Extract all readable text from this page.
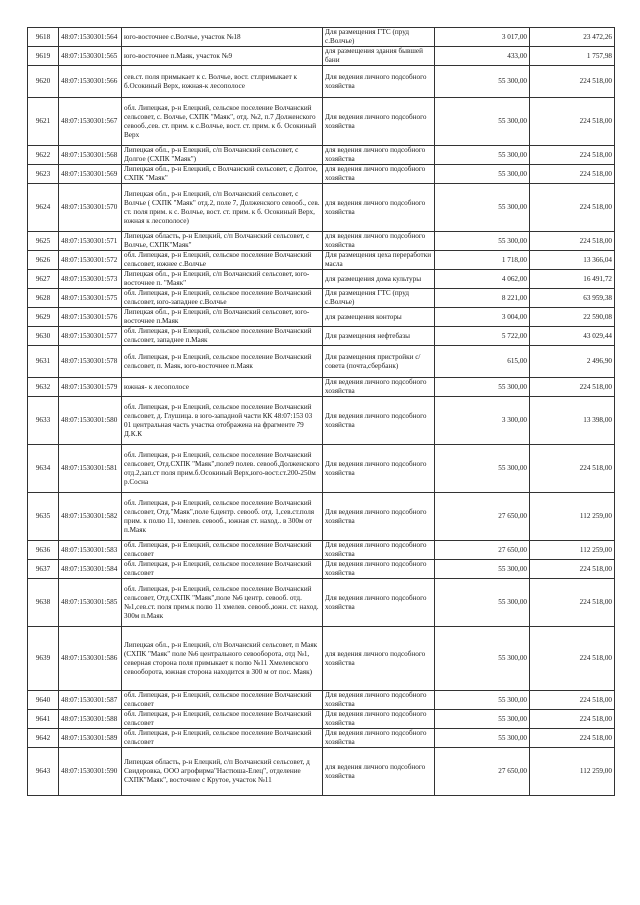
9618	48:07:1530301:564	юго-восточнее с.Волчье, участок №18	Для размещения ГТС (пруд с.Волчье)	3 017,00	23 472,26
9619	48:07:1530301:565	юго-восточнее п.Маяк, участок №9	для размещения здания бывшей бани	433,00	1 757,98
9620	48:07:1530301:566	сев.ст. поля примыкает к с. Волчье, вост. ст.примыкает к б.Осокиный Верх, южная-к лесополосе	Для ведения личного подсобного хозяйства	55 300,00	224 518,00
9621	48:07:1530301:567	обл. Липецкая, р-н Елецкий, сельское поселение Волчанский сельсовет, с. Волчье, СХПК "Маяк", отд. №2, п.7 Долженского севооб.,сев. ст. прим. к с.Волчье, вост. ст. прим. к б. Осокиный Верх	Для ведения личного подсобного хозяйства	55 300,00	224 518,00
9622	48:07:1530301:568	Липецкая обл., р-н Елецкий, с/п Волчанский сельсовет, с Долгое (СХПК "Маяк")	для ведения личного подсобного хозяйства	55 300,00	224 518,00
9623	48:07:1530301:569	Липецкая обл., р-н Елецкий, с Волчанский сельсовет, с Долгое, СХПК "Маяк"	для ведения личного подсобного хозяйства	55 300,00	224 518,00
9624	48:07:1530301:570	Липецкая обл., р-н Елецкий, с/п Волчанский сельсовет, с Волчье ( СХПК "Маяк" отд.2, поле 7, Долженского севооб., сев. ст. поля прим. к с. Волчье, вост. ст. прим. к б. Осокиный Верх, южная к лесополосе)	для ведения личного подсобного хозяйства	55 300,00	224 518,00
9625	48:07:1530301:571	Липецкая область, р-н Елецкий, с/п Волчанский сельсовет, с Волчье, СХПК"Маяк"	для ведения личного подсобного хозяйства	55 300,00	224 518,00
9626	48:07:1530301:572	обл. Липецкая, р-н Елецкий, сельское поселение Волчанский сельсовет, южнее с.Волчье	Для размещения цеха переработки масла	1 718,00	13 366,04
9627	48:07:1530301:573	Липецкая обл., р-н Елецкий, с/п Волчанский сельсовет, юго-восточнее п. "Маяк"	для размещения дома культуры	4 062,00	16 491,72
9628	48:07:1530301:575	обл. Липецкая, р-н Елецкий, сельское поселение Волчанский сельсовет, юго-западнее с.Волчье	Для размещения ГТС (пруд с.Волчье)	8 221,00	63 959,38
9629	48:07:1530301:576	Липецкая обл., р-н Елецкий, с/п Волчанский сельсовет, юго-восточнее п.Маяк	для размещения конторы	3 004,00	22 590,08
9630	48:07:1530301:577	обл. Липецкая, р-н Елецкий, сельское поселение Волчанский сельсовет, западнее п.Маяк	Для размещения нефтебазы	5 722,00	43 029,44
9631	48:07:1530301:578	обл. Липецкая, р-н Елецкий, сельское поселение Волчанский сельсовет, п. Маяк, юго-восточнее п.Маяк	Для размещения пристройки с/совета (почта,сбербанк)	615,00	2 496,90
9632	48:07:1530301:579	южная- к лесополосе	Для ведения личного подсобного хозяйства	55 300,00	224 518,00
9633	48:07:1530301:580	обл. Липецкая, р-н Елецкий, сельское поселение Волчанский сельсовет, д. Глушица. в юго-западной части КК 48:07:153 03 01 центральная часть участка отображена на фрагменте 79 Д.К.К	Для ведения личного подсобного хозяйства	3 300,00	13 398,00
9634	48:07:1530301:581	обл. Липецкая, р-н Елецкий, сельское поселение Волчанский сельсовет, Отд.СХПК "Маяк",поле9 полев. севооб.Долженского отд.2,зап.ст поля прим.б.Осокиный Верх,юго-вост.ст.200-250м р.Сосна	Для ведения личного подсобного хозяйства	55 300,00	224 518,00
9635	48:07:1530301:582	обл. Липецкая, р-н Елецкий, сельское поселение Волчанский сельсовет, Отд."Маяк",поле 6,центр. севооб. отд. 1,сев.ст.поля прим. к полю 11, хмелев. севооб., южная ст. наход.. в 300м от п.Маяк	Для ведения личного подсобного хозяйства	27 650,00	112 259,00
9636	48:07:1530301:583	обл. Липецкая, р-н Елецкий, сельское поселение Волчанский сельсовет	Для ведения личного подсобного хозяйства	27 650,00	112 259,00
9637	48:07:1530301:584	обл. Липецкая, р-н Елецкий, сельское поселение Волчанский сельсовет	Для ведения личного подсобного хозяйства	55 300,00	224 518,00
9638	48:07:1530301:585	обл. Липецкая, р-н Елецкий, сельское поселение Волчанский сельсовет, Отд.СХПК "Маяк",поле №6 центр. севооб. отд. №1,сев.ст. поля прим.к полю 11 хмелев. севооб.,южн. ст. наход. 300м п.Маяк	Для ведения личного подсобного хозяйства	55 300,00	224 518,00
9639	48:07:1530301:586	Липецкая обл., р-н Елецкий, с/п Волчанский сельсовет, п Маяк (СХПК "Маяк" поле №6 центрального севооборота, отд №1, северная сторона поля примыкает к полю №11 Хмелевского севооборота, южная сторона находится в 300 м от пос. Маяк)	для ведения личного подсобного хозяйства	55 300,00	224 518,00
9640	48:07:1530301:587	обл. Липецкая, р-н Елецкий, сельское поселение Волчанский сельсовет	Для ведения личного подсобного хозяйства	55 300,00	224 518,00
9641	48:07:1530301:588	обл. Липецкая, р-н Елецкий, сельское поселение Волчанский сельсовет	Для ведения личного подсобного хозяйства	55 300,00	224 518,00
9642	48:07:1530301:589	обл. Липецкая, р-н Елецкий, сельское поселение Волчанский сельсовет	Для ведения личного подсобного хозяйства	55 300,00	224 518,00
9643	48:07:1530301:590	Липецкая область, р-н Елецкий, с/п Волчанский сельсовет, д Свидеровка, ООО агрофирма"Настюша-Елец", отделение СХПК"Маяк", восточнее с Крутое, участок №11	для ведения личного подсобного хозяйства	27 650,00	112 259,00
